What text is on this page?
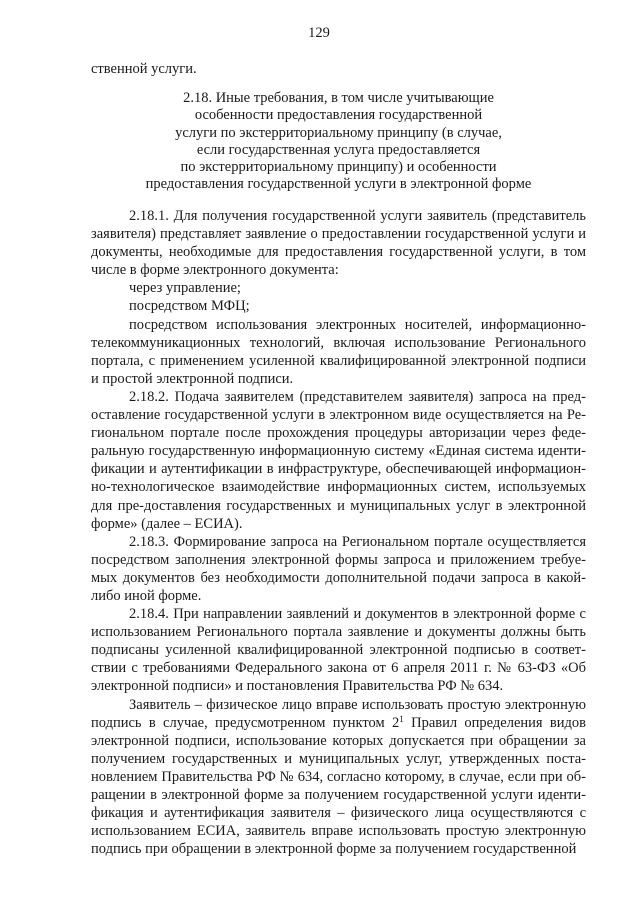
129
ственной услуги.
2.18. Иные требования, в том числе учитывающие
особенности предоставления государственной
услуги по экстерриториальному принципу (в случае,
если государственная услуга предоставляется
по экстерриториальному принципу) и особенности
предоставления государственной услуги в электронной форме

2.18.1. Для получения государственной услуги заявитель (представитель заявителя) представляет заявление о предоставлении государственной услуги и документы, необходимые для предоставления государственной услуги, в том числе в форме электронного документа:

через управление;

посредством МФЦ;

посредством использования электронных носителей, информационно-телекоммуникационных технологий, включая использование Регионального портала, с применением усиленной квалифицированной электронной подписи и простой электронной подписи.

2.18.2. Подача заявителем (представителем заявителя) запроса на предоставление государственной услуги в электронном виде осуществляется на Региональном портале после прохождения процедуры авторизации через федеральную государственную информационную систему «Единая система идентификации и аутентификации в инфраструктуре, обеспечивающей информационно-технологическое взаимодействие информационных систем, используемых для пре-доставления государственных и муниципальных услуг в электронной форме» (далее – ЕСИА).

2.18.3. Формирование запроса на Региональном портале осуществляется посредством заполнения электронной формы запроса и приложением требуемых документов без необходимости дополнительной подачи запроса в какой-либо иной форме.

2.18.4. При направлении заявлений и документов в электронной форме с использованием Регионального портала заявление и документы должны быть подписаны усиленной квалифицированной электронной подписью в соответствии с требованиями Федерального закона от 6 апреля 2011 г. № 63-ФЗ «Об электронной подписи» и постановления Правительства РФ № 634.

Заявитель – физическое лицо вправе использовать простую электронную подпись в случае, предусмотренном пунктом $2^1$ Правил определения видов электронной подписи, использование которых допускается при обращении за получением государственных и муниципальных услуг, утвержденных постановлением Правительства РФ № 634, согласно которому, в случае, если при обращении в электронной форме за получением государственной услуги идентификация и аутентификация заявителя – физического лица осуществляются с использованием ЕСИА, заявитель вправе использовать простую электронную подпись при обращении в электронной форме за получением государственной
